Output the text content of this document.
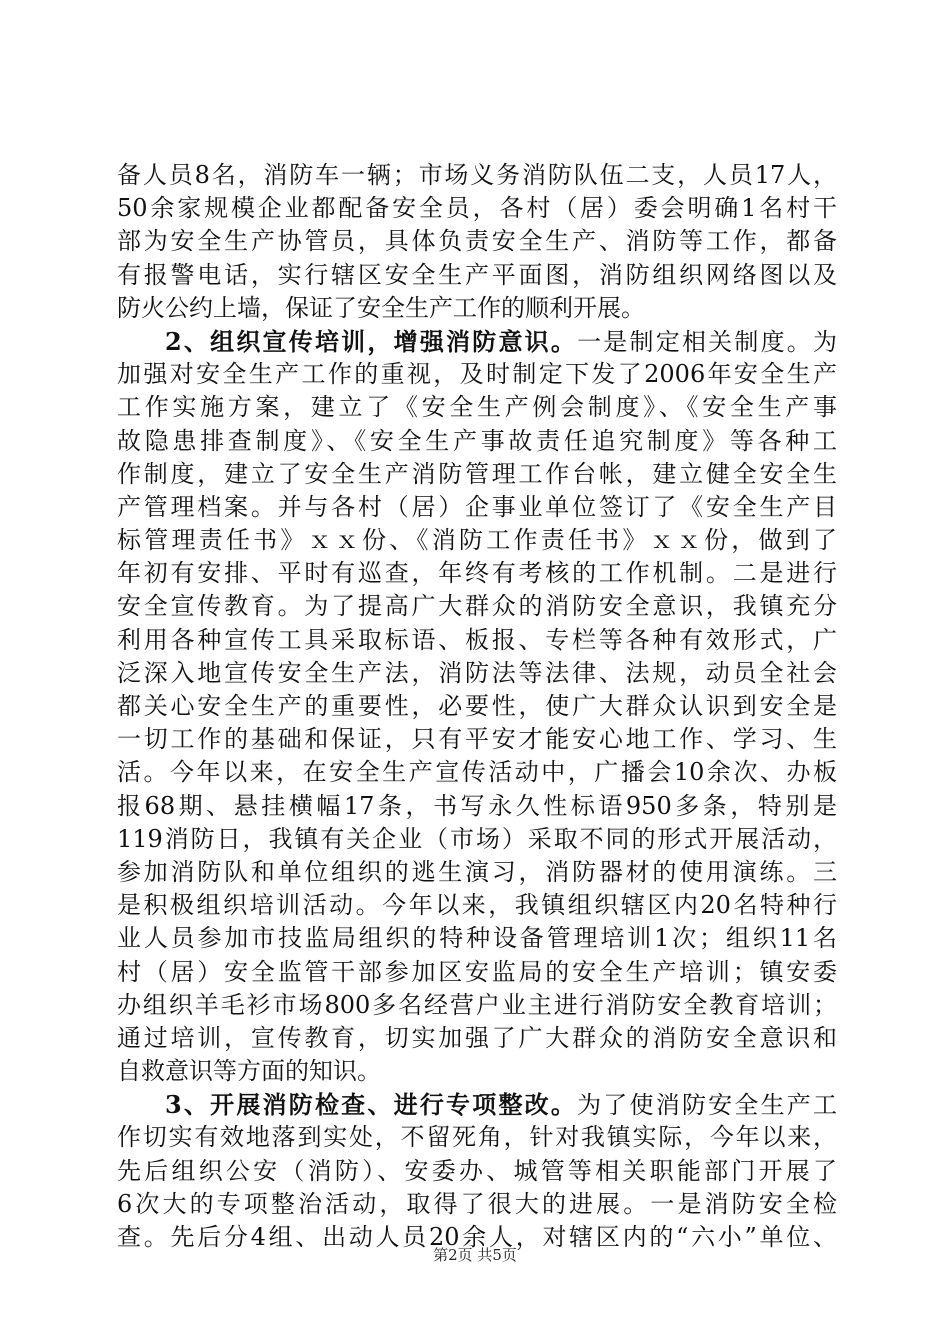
备人员8名，消防车一辆；市场义务消防队伍二支，人员17人，
50余家规模企业都配备安全员，各村（居）委会明确1名村干
部为安全生产协管员，具体负责安全生产、消防等工作，都备
有报警电话，实行辖区安全生产平面图，消防组织网络图以及
防火公约上墙，保证了安全生产工作的顺利开展。
2、组织宣传培训，增强消防意识。一是制定相关制度。为
加强对安全生产工作的重视，及时制定下发了2006年安全生产
工作实施方案，建立了《安全生产例会制度》、《安全生产事
故隐患排查制度》、《安全生产事故责任追究制度》等各种工
作制度，建立了安全生产消防管理工作台帐，建立健全安全生
产管理档案。并与各村（居）企事业单位签订了《安全生产目
标管理责任书》ｘｘ份、《消防工作责任书》ｘｘ份，做到了
年初有安排、平时有巡查，年终有考核的工作机制。二是进行
安全宣传教育。为了提高广大群众的消防安全意识，我镇充分
利用各种宣传工具采取标语、板报、专栏等各种有效形式，广
泛深入地宣传安全生产法，消防法等法律、法规，动员全社会
都关心安全生产的重要性，必要性，使广大群众认识到安全是
一切工作的基础和保证，只有平安才能安心地工作、学习、生
活。今年以来，在安全生产宣传活动中，广播会10余次、办板
报68期、悬挂横幅17条，书写永久性标语950多条，特别是
119消防日，我镇有关企业（市场）采取不同的形式开展活动，
参加消防队和单位组织的逃生演习，消防器材的使用演练。三
是积极组织培训活动。今年以来，我镇组织辖区内20名特种行
业人员参加市技监局组织的特种设备管理培训1次；组织11名
村（居）安全监管干部参加区安监局的安全生产培训；镇安委
办组织羊毛衫市场800多名经营户业主进行消防安全教育培训；
通过培训，宣传教育，切实加强了广大群众的消防安全意识和
自救意识等方面的知识。
3、开展消防检查、进行专项整改。为了使消防安全生产工
作切实有效地落到实处，不留死角，针对我镇实际，今年以来，
先后组织公安（消防）、安委办、城管等相关职能部门开展了
6次大的专项整治活动，取得了很大的进展。一是消防安全检
查。先后分4组、出动人员20余人，对辖区内的“六小”单位、
第2页 共5页
